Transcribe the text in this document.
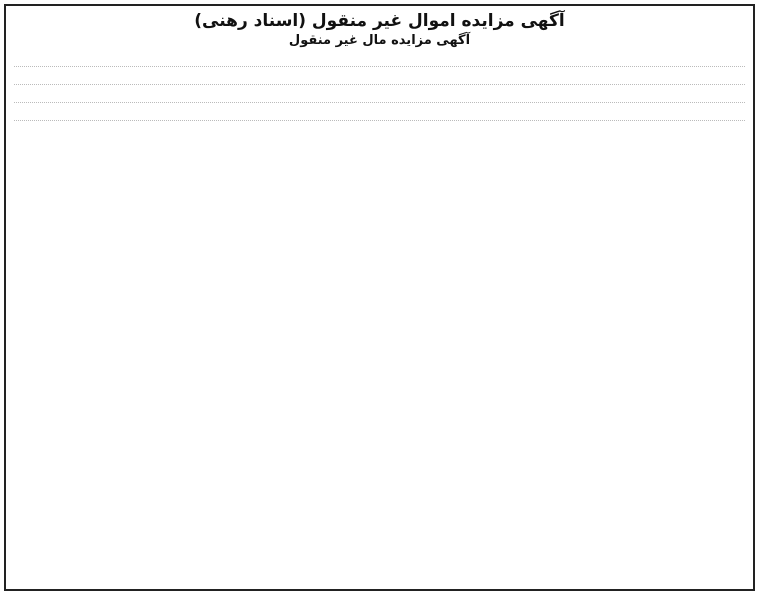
آگهی مزایده اموال غیر منقول (اسناد رهنی)
آگهی مزایده مال غیر منقول
